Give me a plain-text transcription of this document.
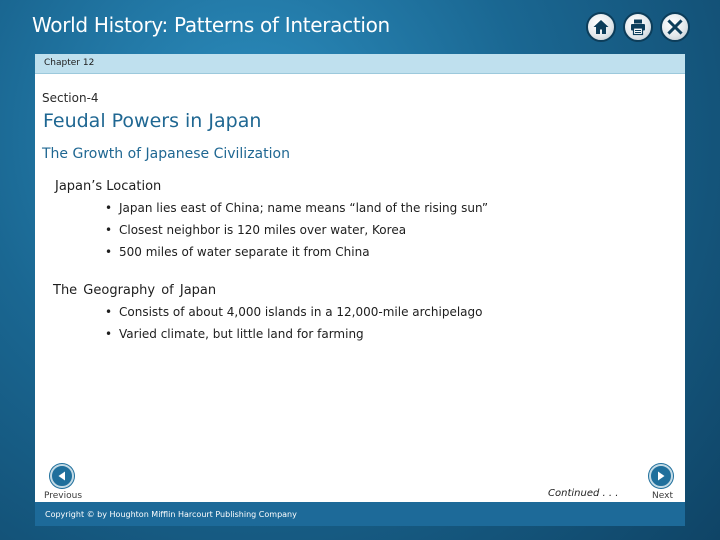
World History: Patterns of Interaction
Chapter 12
Section-4
Feudal Powers in Japan
The Growth of Japanese Civilization
Japan’s Location
• Japan lies east of China; name means “land of the rising sun”
• Closest neighbor is 120 miles over water, Korea
• 500 miles of water separate it from China
The Geography of Japan
• Consists of about 4,000 islands in a 12,000-mile archipelago
• Varied climate, but little land for farming
Previous	Continued . . .	Next
Copyright © by Houghton Mifflin Harcourt Publishing Company
